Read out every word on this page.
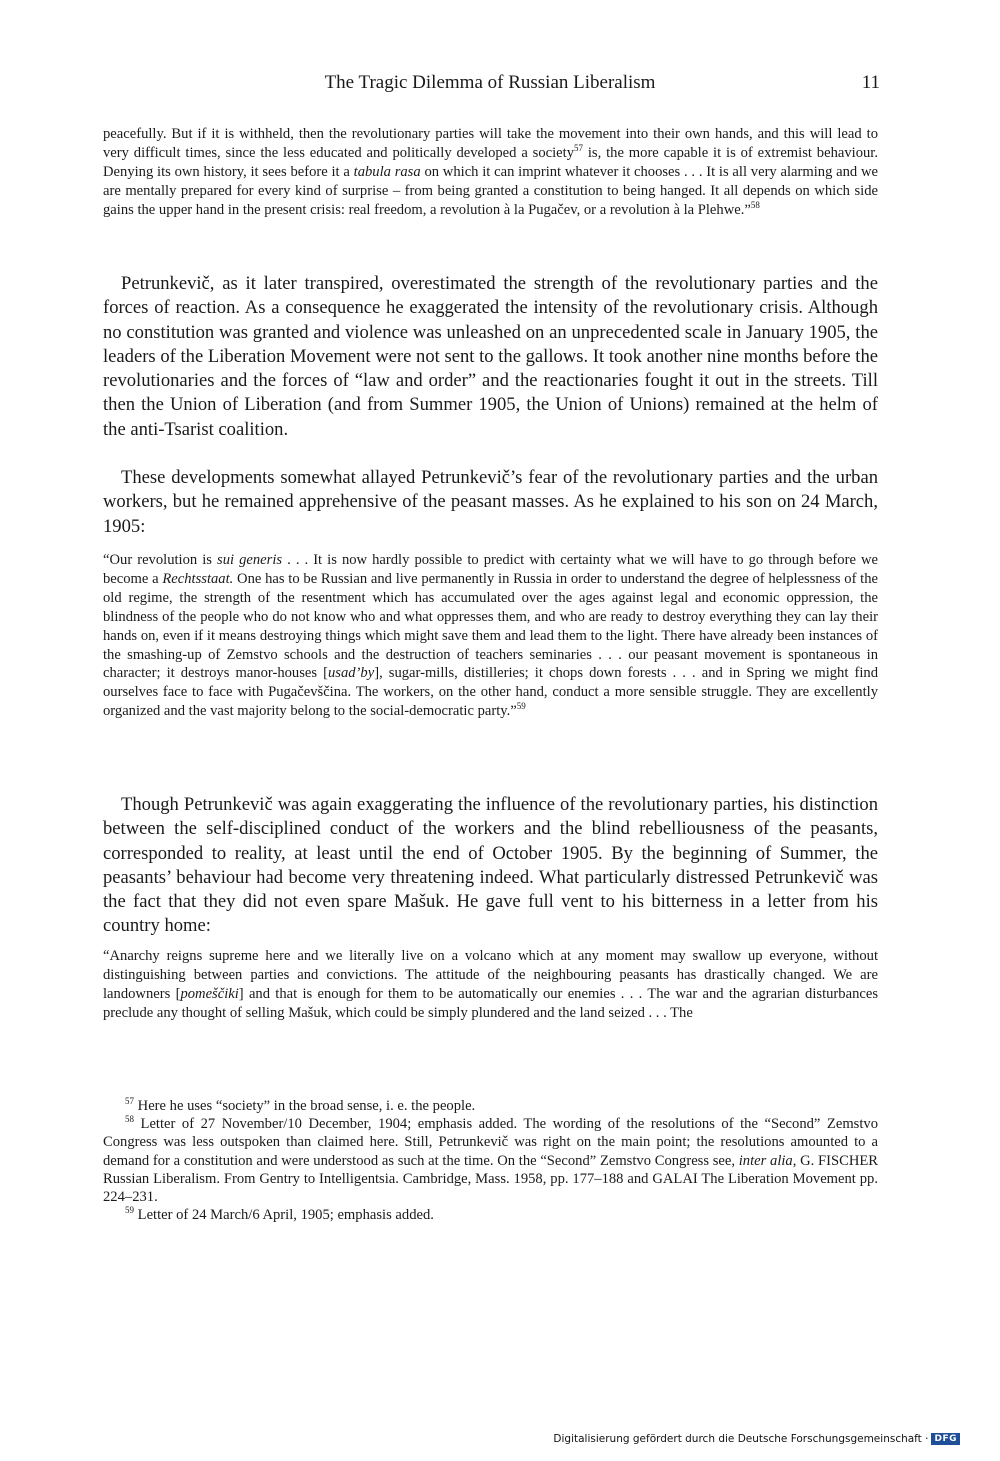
The Tragic Dilemma of Russian Liberalism	11

peacefully. But if it is withheld, then the revolutionary parties will take the movement into their own hands, and this will lead to very difficult times, since the less educated and politically developed a society$^{57}$ is, the more capable it is of extremist behaviour. Denying its own history, it sees before it a tabula rasa on which it can imprint whatever it chooses . . . It is all very alarming and we are mentally prepared for every kind of surprise – from being granted a constitution to being hanged. It all depends on which side gains the upper hand in the present crisis: real freedom, a revolution à la Pugačev, or a revolution à la Plehwe.”$^{58}$

Petrunkevič, as it later transpired, overestimated the strength of the revolutionary parties and the forces of reaction. As a consequence he exaggerated the intensity of the revolutionary crisis. Although no constitution was granted and violence was unleashed on an unprecedented scale in January 1905, the leaders of the Liberation Movement were not sent to the gallows. It took another nine months before the revolutionaries and the forces of “law and order” and the reactionaries fought it out in the streets. Till then the Union of Liberation (and from Summer 1905, the Union of Unions) remained at the helm of the anti-Tsarist coalition.

These developments somewhat allayed Petrunkevič’s fear of the revolutionary parties and the urban workers, but he remained apprehensive of the peasant masses. As he explained to his son on 24 March, 1905:

“Our revolution is sui generis . . . It is now hardly possible to predict with certainty what we will have to go through before we become a Rechtsstaat. One has to be Russian and live permanently in Russia in order to understand the degree of helplessness of the old regime, the strength of the resentment which has accumulated over the ages against legal and economic oppression, the blindness of the people who do not know who and what oppresses them, and who are ready to destroy everything they can lay their hands on, even if it means destroying things which might save them and lead them to the light. There have already been instances of the smashing-up of Zemstvo schools and the destruction of teachers seminaries . . . our peasant movement is spontaneous in character; it destroys manor-houses [usad’by], sugar-mills, distilleries; it chops down forests . . . and in Spring we might find ourselves face to face with Pugačevščina. The workers, on the other hand, conduct a more sensible struggle. They are excellently organized and the vast majority belong to the social-democratic party.”$^{59}$

Though Petrunkevič was again exaggerating the influence of the revolutionary parties, his distinction between the self-disciplined conduct of the workers and the blind rebelliousness of the peasants, corresponded to reality, at least until the end of October 1905. By the beginning of Summer, the peasants’ behaviour had become very threatening indeed. What particularly distressed Petrunkevič was the fact that they did not even spare Mašuk. He gave full vent to his bitterness in a letter from his country home:

“Anarchy reigns supreme here and we literally live on a volcano which at any moment may swallow up everyone, without distinguishing between parties and convictions. The attitude of the neighbouring peasants has drastically changed. We are landowners [pomeščiki] and that is enough for them to be automatically our enemies . . . The war and the agrarian disturbances preclude any thought of selling Mašuk, which could be simply plundered and the land seized . . . The

$^{57}$ Here he uses “society” in the broad sense, i. e. the people.

$^{58}$ Letter of 27 November/10 December, 1904; emphasis added. The wording of the resolutions of the “Second” Zemstvo Congress was less outspoken than claimed here. Still, Petrunkevič was right on the main point; the resolutions amounted to a demand for a constitution and were understood as such at the time. On the “Second” Zemstvo Congress see, inter alia, G. FISCHER Russian Liberalism. From Gentry to Intelligentsia. Cambridge, Mass. 1958, pp. 177–188 and GALAI The Liberation Movement pp. 224–231.

$^{59}$ Letter of 24 March/6 April, 1905; emphasis added.

Digitalisierung gefördert durch die Deutsche Forschungsgemeinschaft · DFG
